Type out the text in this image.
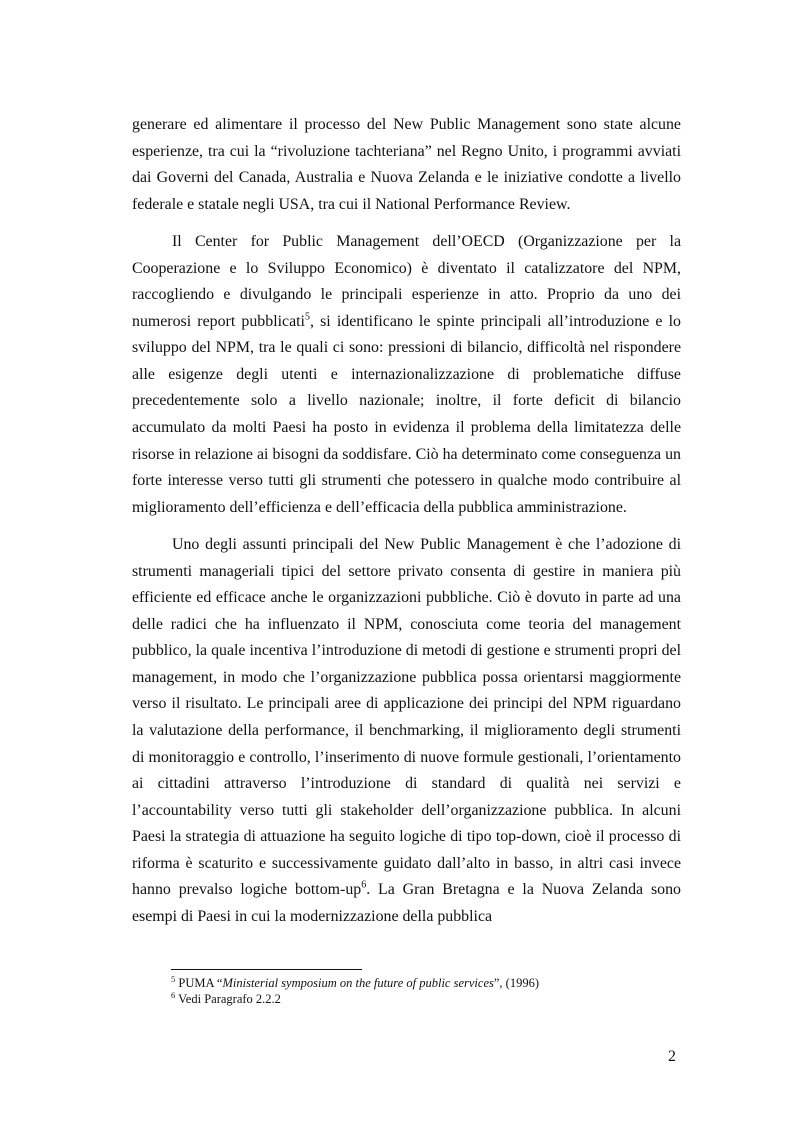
generare ed alimentare il processo del New Public Management sono state alcune esperienze, tra cui la “rivoluzione tachteriana” nel Regno Unito, i programmi avviati dai Governi del Canada, Australia e Nuova Zelanda e le iniziative condotte a livello federale e statale negli USA, tra cui il National Performance Review.

Il Center for Public Management dell’OECD (Organizzazione per la Cooperazione e lo Sviluppo Economico) è diventato il catalizzatore del NPM, raccogliendo e divulgando le principali esperienze in atto. Proprio da uno dei numerosi report pubblicati$^5$, si identificano le spinte principali all’introduzione e lo sviluppo del NPM, tra le quali ci sono: pressioni di bilancio, difficoltà nel rispondere alle esigenze degli utenti e internazionalizzazione di problematiche diffuse precedentemente solo a livello nazionale; inoltre, il forte deficit di bilancio accumulato da molti Paesi ha posto in evidenza il problema della limitatezza delle risorse in relazione ai bisogni da soddisfare. Ciò ha determinato come conseguenza un forte interesse verso tutti gli strumenti che potessero in qualche modo contribuire al miglioramento dell’efficienza e dell’efficacia della pubblica amministrazione.

Uno degli assunti principali del New Public Management è che l’adozione di strumenti manageriali tipici del settore privato consenta di gestire in maniera più efficiente ed efficace anche le organizzazioni pubbliche. Ciò è dovuto in parte ad una delle radici che ha influenzato il NPM, conosciuta come teoria del management pubblico, la quale incentiva l’introduzione di metodi di gestione e strumenti propri del management, in modo che l’organizzazione pubblica possa orientarsi maggiormente verso il risultato. Le principali aree di applicazione dei principi del NPM riguardano la valutazione della performance, il benchmarking, il miglioramento degli strumenti di monitoraggio e controllo, l’inserimento di nuove formule gestionali, l’orientamento ai cittadini attraverso l’introduzione di standard di qualità nei servizi e l’accountability verso tutti gli stakeholder dell’organizzazione pubblica. In alcuni Paesi la strategia di attuazione ha seguito logiche di tipo top-down, cioè il processo di riforma è scaturito e successivamente guidato dall’alto in basso, in altri casi invece hanno prevalso logiche bottom-up$^6$. La Gran Bretagna e la Nuova Zelanda sono esempi di Paesi in cui la modernizzazione della pubblica

$^5$ PUMA “Ministerial symposium on the future of public services”, (1996)

$^6$ Vedi Paragrafo 2.2.2

2
